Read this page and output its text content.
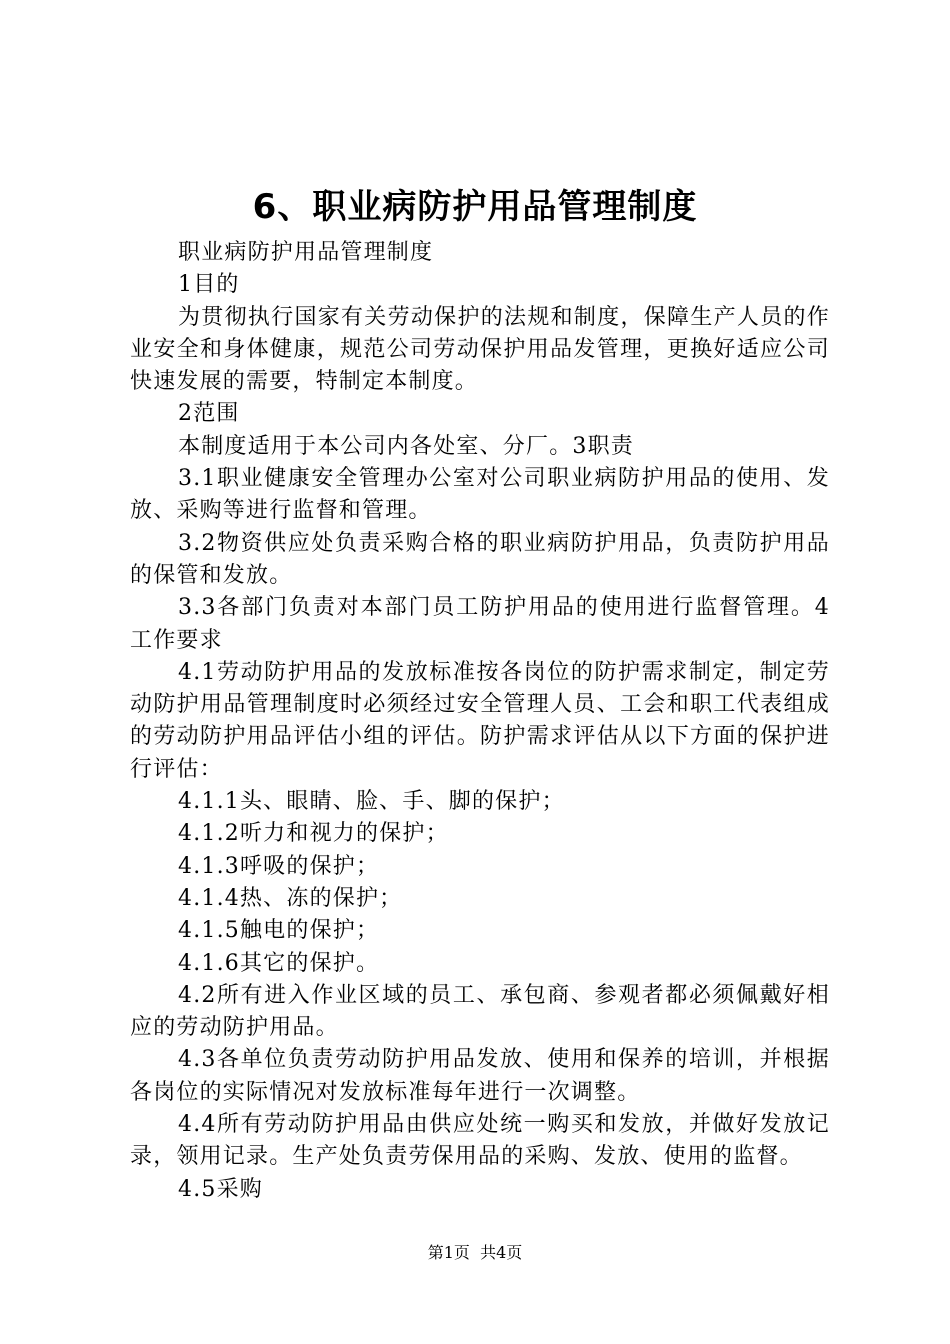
6、职业病防护用品管理制度

职业病防护用品管理制度

1目的

为贯彻执行国家有关劳动保护的法规和制度，保障生产人员的作业安全和身体健康，规范公司劳动保护用品发管理，更换好适应公司快速发展的需要，特制定本制度。

2范围

本制度适用于本公司内各处室、分厂。3职责

3.1职业健康安全管理办公室对公司职业病防护用品的使用、发放、采购等进行监督和管理。

3.2物资供应处负责采购合格的职业病防护用品，负责防护用品的保管和发放。

3.3各部门负责对本部门员工防护用品的使用进行监督管理。4工作要求

4.1劳动防护用品的发放标准按各岗位的防护需求制定，制定劳动防护用品管理制度时必须经过安全管理人员、工会和职工代表组成的劳动防护用品评估小组的评估。防护需求评估从以下方面的保护进行评估：

4.1.1头、眼睛、脸、手、脚的保护；

4.1.2听力和视力的保护；

4.1.3呼吸的保护；

4.1.4热、冻的保护；

4.1.5触电的保护；

4.1.6其它的保护。

4.2所有进入作业区域的员工、承包商、参观者都必须佩戴好相应的劳动防护用品。

4.3各单位负责劳动防护用品发放、使用和保养的培训，并根据各岗位的实际情况对发放标准每年进行一次调整。

4.4所有劳动防护用品由供应处统一购买和发放，并做好发放记录，领用记录。生产处负责劳保用品的采购、发放、使用的监督。

4.5采购

第1页 共4页
